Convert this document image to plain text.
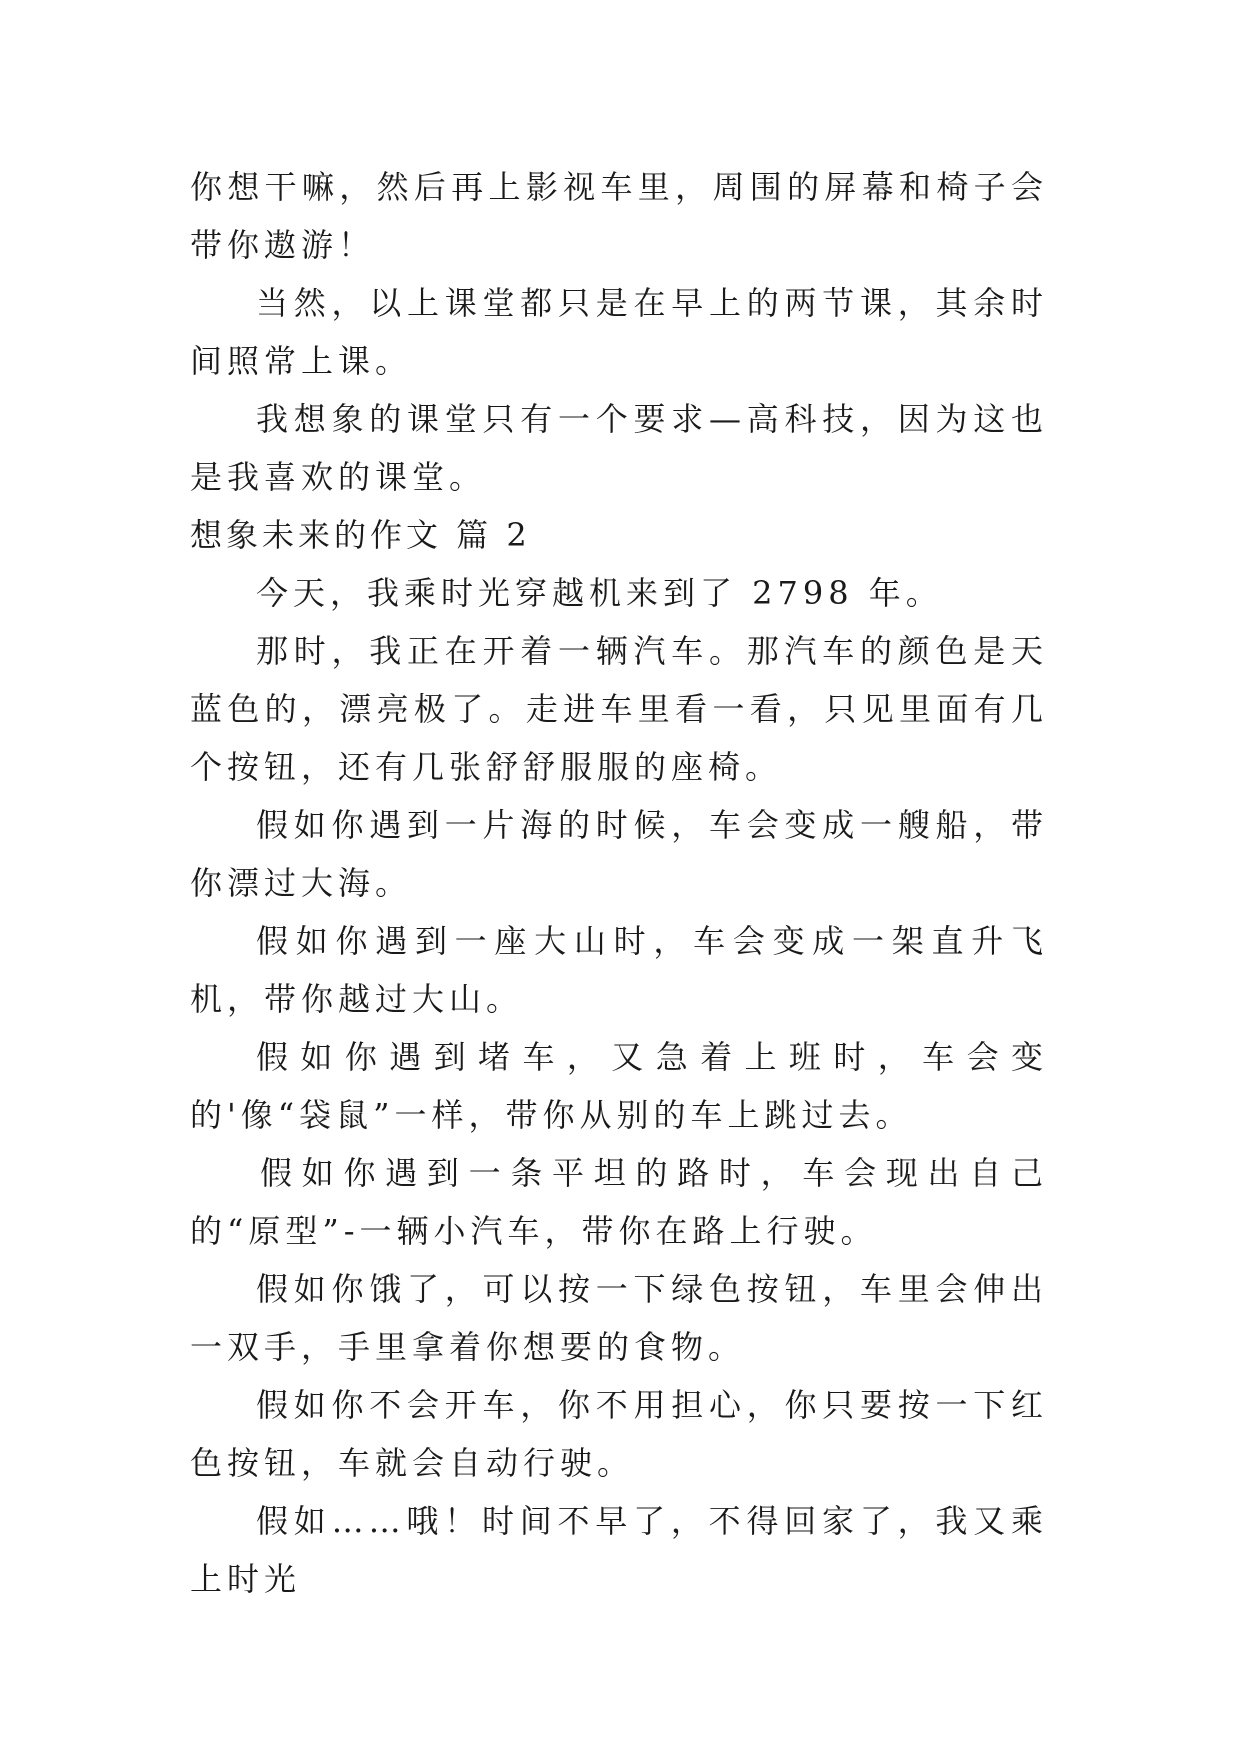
你想干嘛，然后再上影视车里，周围的屏幕和椅子会带你遨游！

当然，以上课堂都只是在早上的两节课，其余时间照常上课。

我想象的课堂只有一个要求—高科技，因为这也是我喜欢的课堂。

想象未来的作文 篇 2

今天，我乘时光穿越机来到了 2798 年。

那时，我正在开着一辆汽车。那汽车的颜色是天蓝色的，漂亮极了。走进车里看一看，只见里面有几个按钮，还有几张舒舒服服的座椅。

假如你遇到一片海的时候，车会变成一艘船，带你漂过大海。

假如你遇到一座大山时，车会变成一架直升飞机，带你越过大山。

假如你遇到堵车，又急着上班时，车会变的'像“袋鼠”一样，带你从别的车上跳过去。

假如你遇到一条平坦的路时，车会现出自己的“原型”-一辆小汽车，带你在路上行驶。

假如你饿了，可以按一下绿色按钮，车里会伸出一双手，手里拿着你想要的食物。

假如你不会开车，你不用担心，你只要按一下红色按钮，车就会自动行驶。

假如……哦！时间不早了，不得回家了，我又乘上时光
